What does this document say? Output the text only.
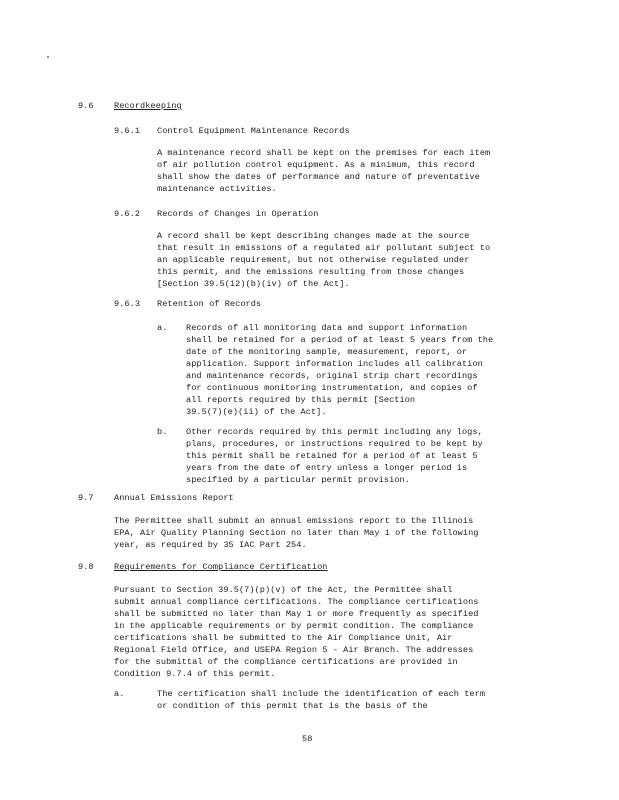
9.6 Recordkeeping
9.6.1 Control Equipment Maintenance Records
A maintenance record shall be kept on the premises for each item
of air pollution control equipment. As a minimum, this record
shall show the dates of performance and nature of preventative
maintenance activities.
9.6.2 Records of Changes in Operation
A record shall be kept describing changes made at the source
that result in emissions of a regulated air pollutant subject to
an applicable requirement, but not otherwise regulated under
this permit, and the emissions resulting from those changes
[Section 39.5(12)(b)(iv) of the Act].
9.6.3 Retention of Records
a. Records of all monitoring data and support information
shall be retained for a period of at least 5 years from the
date of the monitoring sample, measurement, report, or
application. Support information includes all calibration
and maintenance records, original strip chart recordings
for continuous monitoring instrumentation, and copies of
all reports required by this permit [Section
39.5(7)(e)(ii) of the Act].
b. Other records required by this permit including any logs,
plans, procedures, or instructions required to be kept by
this permit shall be retained for a period of at least 5
years from the date of entry unless a longer period is
specified by a particular permit provision.
9.7 Annual Emissions Report
The Permittee shall submit an annual emissions report to the Illinois
EPA, Air Quality Planning Section no later than May 1 of the following
year, as required by 35 IAC Part 254.
9.8 Requirements for Compliance Certification
Pursuant to Section 39.5(7)(p)(v) of the Act, the Permittee shall
submit annual compliance certifications. The compliance certifications
shall be submitted no later than May 1 or more frequently as specified
in the applicable requirements or by permit condition. The compliance
certifications shall be submitted to the Air Compliance Unit, Air
Regional Field Office, and USEPA Region 5 - Air Branch. The addresses
for the submittal of the compliance certifications are provided in
Condition 9.7.4 of this permit.
a.	The certification shall include the identification of each term
or condition of this permit that is the basis of the
58
